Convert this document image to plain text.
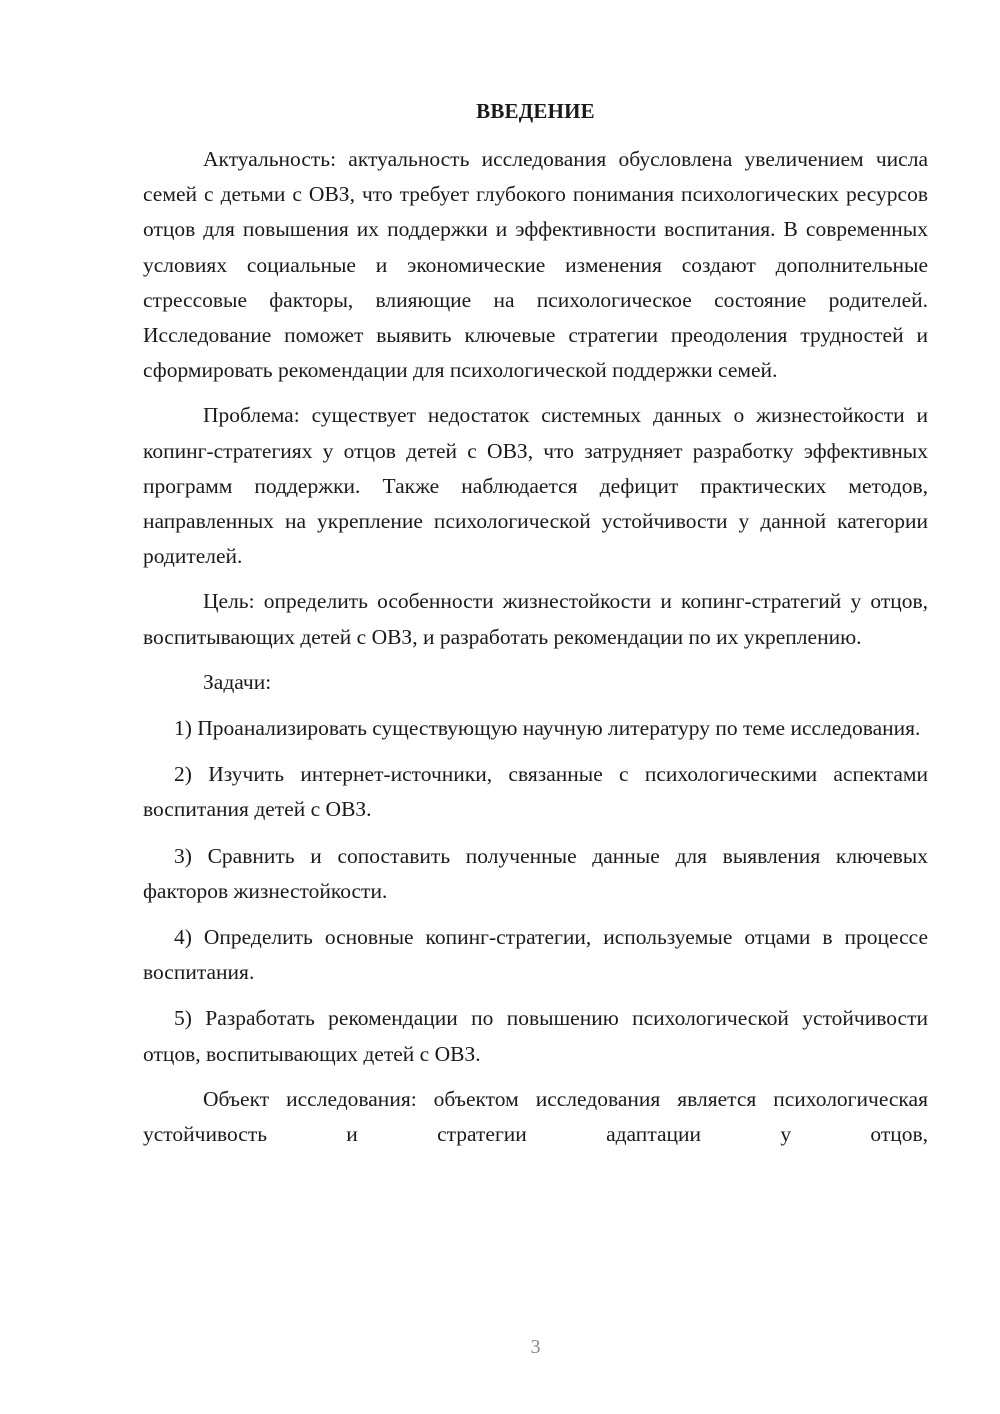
ВВЕДЕНИЕ

Актуальность: актуальность исследования обусловлена увеличением числа семей с детьми с ОВЗ, что требует глубокого понимания психологических ресурсов отцов для повышения их поддержки и эффективности воспитания. В современных условиях социальные и экономические изменения создают дополнительные стрессовые факторы, влияющие на психологическое состояние родителей. Исследование поможет выявить ключевые стратегии преодоления трудностей и сформировать рекомендации для психологической поддержки семей.

Проблема: существует недостаток системных данных о жизнестойкости и копинг-стратегиях у отцов детей с ОВЗ, что затрудняет разработку эффективных программ поддержки. Также наблюдается дефицит практических методов, направленных на укрепление психологической устойчивости у данной категории родителей.

Цель: определить особенности жизнестойкости и копинг-стратегий у отцов, воспитывающих детей с ОВЗ, и разработать рекомендации по их укреплению.

Задачи:

1) Проанализировать существующую научную литературу по теме исследования.

2) Изучить интернет-источники, связанные с психологическими аспектами воспитания детей с ОВЗ.

3) Сравнить и сопоставить полученные данные для выявления ключевых факторов жизнестойкости.

4) Определить основные копинг-стратегии, используемые отцами в процессе воспитания.

5) Разработать рекомендации по повышению психологической устойчивости отцов, воспитывающих детей с ОВЗ.

Объект исследования: объектом исследования является психологическая устойчивость и стратегии адаптации у отцов,

3
